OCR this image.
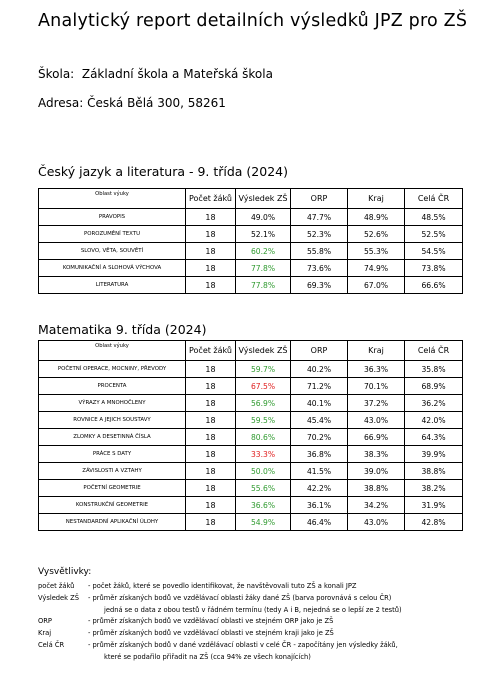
Analytický report detailních výsledků JPZ pro ZŠ
Škola: Základní škola a Mateřská škola
Adresa: Česká Bělá 300, 58261
Český jazyk a literatura - 9. třída (2024)
Oblast výuky	Počet žáků	Výsledek ZŠ	ORP	Kraj	Celá ČR
PRAVOPIS	18	49.0%	47.7%	48.9%	48.5%
POROZUMĚNÍ TEXTU	18	52.1%	52.3%	52.6%	52.5%
SLOVO, VĚTA, SOUVĚTÍ	18	60.2%	55.8%	55.3%	54.5%
KOMUNIKAČNÍ A SLOHOVÁ VÝCHOVA	18	77.8%	73.6%	74.9%	73.8%
LITERATURA	18	77.8%	69.3%	67.0%	66.6%
Matematika 9. třída (2024)
Oblast výuky	Počet žáků	Výsledek ZŠ	ORP	Kraj	Celá ČR
POČETNÍ OPERACE, MOCNINY, PŘEVODY	18	59.7%	40.2%	36.3%	35.8%
PROCENTA	18	67.5%	71.2%	70.1%	68.9%
VÝRAZY A MNOHOČLENY	18	56.9%	40.1%	37.2%	36.2%
ROVNICE A JEJICH SOUSTAVY	18	59.5%	45.4%	43.0%	42.0%
ZLOMKY A DESETINNÁ ČÍSLA	18	80.6%	70.2%	66.9%	64.3%
PRÁCE S DATY	18	33.3%	36.8%	38.3%	39.9%
ZÁVISLOSTI A VZTAHY	18	50.0%	41.5%	39.0%	38.8%
POČETNÍ GEOMETRIE	18	55.6%	42.2%	38.8%	38.2%
KONSTRUKČNÍ GEOMETRIE	18	36.6%	36.1%	34.2%	31.9%
NESTANDARDNÍ APLIKAČNÍ ÚLOHY	18	54.9%	46.4%	43.0%	42.8%
Vysvětlivky:
počet žáků - počet žáků, které se povedlo identifikovat, že navštěvovali tuto ZŠ a konali JPZ
Výsledek ZŠ - průměr získaných bodů ve vzdělávací oblasti žáky dané ZŠ (barva porovnává s celou ČR)
jedná se o data z obou testů v řádném termínu (tedy A i B, nejedná se o lepší ze 2 testů)
ORP	- průměr získaných bodů ve vzdělávací oblasti ve stejném ORP jako je ZŠ
Kraj	- průměr získaných bodů ve vzdělávací oblasti ve stejném kraji jako je ZŠ
Celá ČR	- průměr získaných bodů v dané vzdělávací oblasti v celé ČR - započítány jen výsledky žáků,
které se podařilo přiřadit na ZŠ (cca 94% ze všech konajících)
